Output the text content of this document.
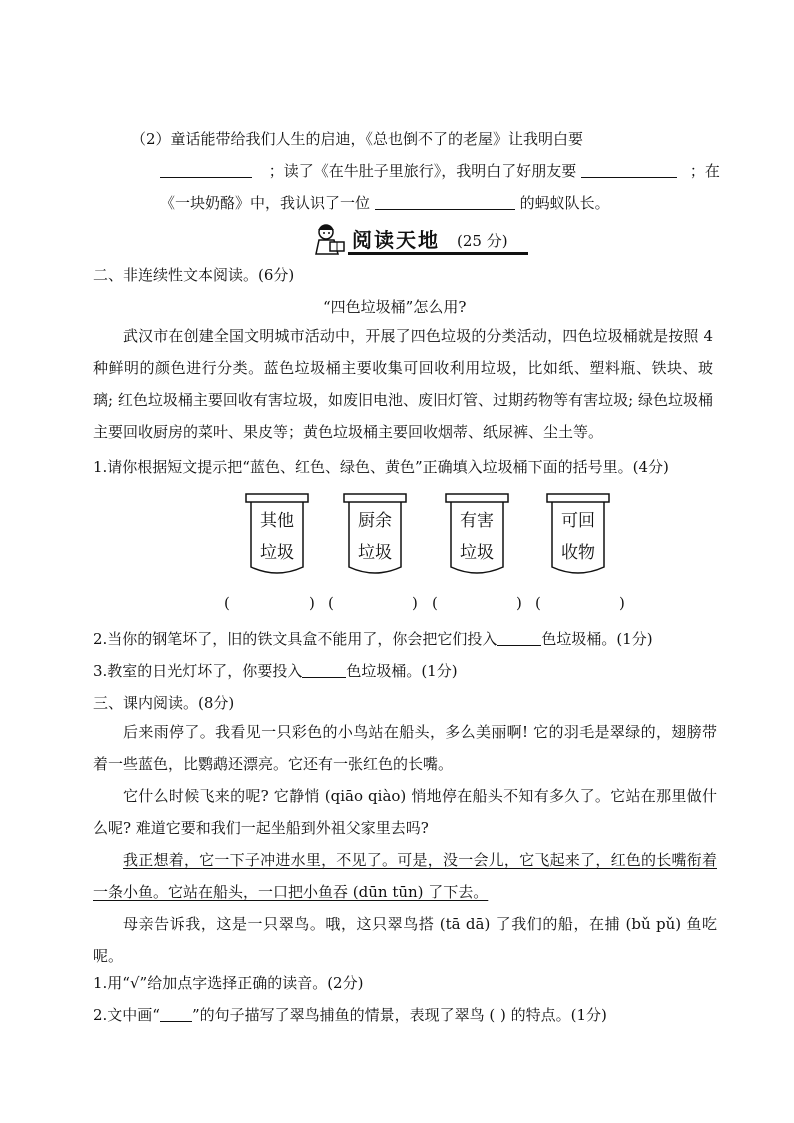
（2）童话能带给我们人生的启迪，《总也倒不了的老屋》让我明白要
；读了《在牛肚子里旅行》，我明白了好朋友要	；在
《一块奶酪》中，我认识了一位	的蚂蚁队长。
阅读天地 (25 分)
二、非连续性文本阅读。(6分)
“四色垃圾桶”怎么用?
武汉市在创建全国文明城市活动中，开展了四色垃圾的分类活动，四色垃圾桶就是按照 4 种鲜明的颜色进行分类。蓝色垃圾桶主要收集可回收利用垃圾，比如纸、塑料瓶、铁块、玻璃; 红色垃圾桶主要回收有害垃圾，如废旧电池、废旧灯管、过期药物等有害垃圾; 绿色垃圾桶主要回收厨房的菜叶、果皮等；黄色垃圾桶主要回收烟蒂、纸尿裤、尘土等。
1.请你根据短文提示把“蓝色、红色、绿色、黄色”正确填入垃圾桶下面的括号里。(4分)
其他
垃圾
厨余
垃圾
有害
垃圾
可回
收物
(	) (	) (	) (	)
2.当你的钢笔坏了，旧的铁文具盒不能用了，你会把它们投入	色垃圾桶。(1分)
3.教室的日光灯坏了，你要投入	色垃圾桶。(1分)
三、课内阅读。(8分)
后来雨停了。我看见一只彩色的小鸟站在船头，多么美丽啊! 它的羽毛是翠绿的，翅膀带着一些蓝色，比鹦鹉还漂亮。它还有一张红色的长嘴。
它什么时候飞来的呢? 它静悄 (qiāo qiào) 悄地停在船头不知有多久了。它站在那里做什么呢? 难道它要和我们一起坐船到外祖父家里去吗?
我正想着，它一下子冲进水里，不见了。可是，没一会儿，它飞起来了，红色的长嘴衔着一条小鱼。它站在船头，一口把小鱼吞 (dūn tūn) 了下去。
母亲告诉我，这是一只翠鸟。哦，这只翠鸟搭 (tā dā) 了我们的船，在捕 (bǔ pǔ) 鱼吃呢。
1.用“√”给加点字选择正确的读音。(2分)
2.文中画“ ”的句子描写了翠鸟捕鱼的情景，表现了翠鸟 ( ) 的特点。(1分)
